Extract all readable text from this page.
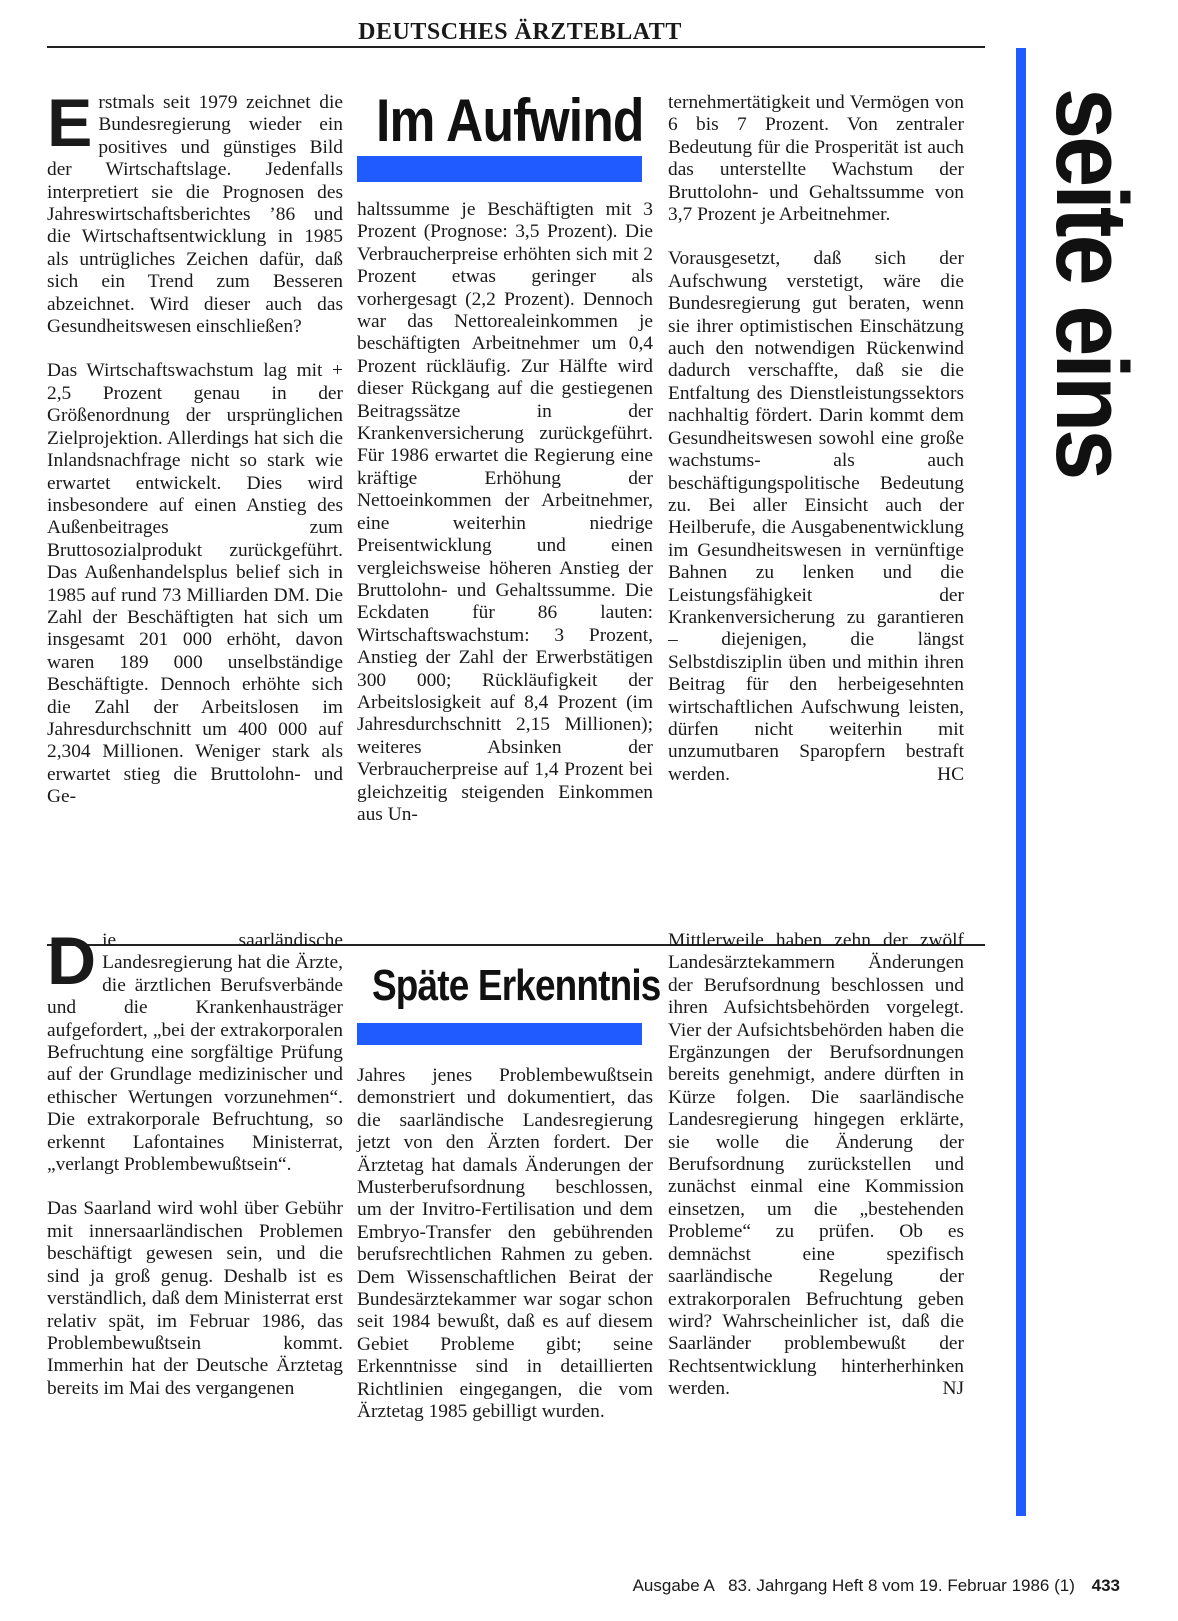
DEUTSCHES ÄRZTEBLATT
seite eins

Erstmals seit 1979 zeichnet die Bundesregierung wieder ein positives und günstiges Bild der Wirtschaftslage. Jedenfalls interpretiert sie die Prognosen des Jahreswirtschaftsberichtes ’86 und die Wirtschaftsentwicklung in 1985 als untrügliches Zeichen dafür, daß sich ein Trend zum Besseren abzeichnet. Wird dieser auch das Gesundheitswesen einschließen?

Das Wirtschaftswachstum lag mit + 2,5 Prozent genau in der Größenordnung der ursprünglichen Zielprojektion. Allerdings hat sich die Inlandsnachfrage nicht so stark wie erwartet entwickelt. Dies wird insbesondere auf einen Anstieg des Außenbeitrages zum Bruttosozialprodukt zurückgeführt. Das Außenhandelsplus belief sich in 1985 auf rund 73 Milliarden DM. Die Zahl der Beschäftigten hat sich um insgesamt 201 000 erhöht, davon waren 189 000 unselbständige Beschäftigte. Dennoch erhöhte sich die Zahl der Arbeitslosen im Jahresdurchschnitt um 400 000 auf 2,304 Millionen. Weniger stark als erwartet stieg die Bruttolohn- und Ge-

Im Aufwind

haltssumme je Beschäftigten mit 3 Prozent (Prognose: 3,5 Prozent). Die Verbraucherpreise erhöhten sich mit 2 Prozent etwas geringer als vorhergesagt (2,2 Prozent). Dennoch war das Nettorealeinkommen je beschäftigten Arbeitnehmer um 0,4 Prozent rückläufig. Zur Hälfte wird dieser Rückgang auf die gestiegenen Beitragssätze in der Krankenversicherung zurückgeführt. Für 1986 erwartet die Regierung eine kräftige Erhöhung der Nettoeinkommen der Arbeitnehmer, eine weiterhin niedrige Preisentwicklung und einen vergleichsweise höheren Anstieg der Bruttolohn- und Gehaltssumme. Die Eckdaten für 86 lauten: Wirtschaftswachstum: 3 Prozent, Anstieg der Zahl der Erwerbstätigen 300 000; Rückläufigkeit der Arbeitslosigkeit auf 8,4 Prozent (im Jahresdurchschnitt 2,15 Millionen); weiteres Absinken der Verbraucherpreise auf 1,4 Prozent bei gleichzeitig steigenden Einkommen aus Un-

ternehmertätigkeit und Vermögen von 6 bis 7 Prozent. Von zentraler Bedeutung für die Prosperität ist auch das unterstellte Wachstum der Bruttolohn- und Gehaltssumme von 3,7 Prozent je Arbeitnehmer.

Vorausgesetzt, daß sich der Aufschwung verstetigt, wäre die Bundesregierung gut beraten, wenn sie ihrer optimistischen Einschätzung auch den notwendigen Rückenwind dadurch verschaffte, daß sie die Entfaltung des Dienstleistungssektors nachhaltig fördert. Darin kommt dem Gesundheitswesen sowohl eine große wachstums- als auch beschäftigungspolitische Bedeutung zu. Bei aller Einsicht auch der Heilberufe, die Ausgabenentwicklung im Gesundheitswesen in vernünftige Bahnen zu lenken und die Leistungsfähigkeit der Krankenversicherung zu garantieren – diejenigen, die längst Selbstdisziplin üben und mithin ihren Beitrag für den herbeigesehnten wirtschaftlichen Aufschwung leisten, dürfen nicht weiterhin mit unzumutbaren Sparopfern bestraft werden.	HC

Die saarländische Landesregierung hat die Ärzte, die ärztlichen Berufsverbände und die Krankenhausträger aufgefordert, „bei der extrakorporalen Befruchtung eine sorgfältige Prüfung auf der Grundlage medizinischer und ethischer Wertungen vorzunehmen“. Die extrakorporale Befruchtung, so erkennt Lafontaines Ministerrat, „verlangt Problembewußtsein“.

Das Saarland wird wohl über Gebühr mit innersaarländischen Problemen beschäftigt gewesen sein, und die sind ja groß genug. Deshalb ist es verständlich, daß dem Ministerrat erst relativ spät, im Februar 1986, das Problembewußtsein kommt. Immerhin hat der Deutsche Ärztetag bereits im Mai des vergangenen

Späte Erkenntnis

Jahres jenes Problembewußtsein demonstriert und dokumentiert, das die saarländische Landesregierung jetzt von den Ärzten fordert. Der Ärztetag hat damals Änderungen der Musterberufsordnung beschlossen, um der Invitro-Fertilisation und dem Embryo-Transfer den gebührenden berufsrechtlichen Rahmen zu geben. Dem Wissenschaftlichen Beirat der Bundesärztekammer war sogar schon seit 1984 bewußt, daß es auf diesem Gebiet Probleme gibt; seine Erkenntnisse sind in detaillierten Richtlinien eingegangen, die vom Ärztetag 1985 gebilligt wurden.

Mittlerweile haben zehn der zwölf Landesärztekammern Änderungen der Berufsordnung beschlossen und ihren Aufsichtsbehörden vorgelegt. Vier der Aufsichtsbehörden haben die Ergänzungen der Berufsordnungen bereits genehmigt, andere dürften in Kürze folgen. Die saarländische Landesregierung hingegen erklärte, sie wolle die Änderung der Berufsordnung zurückstellen und zunächst einmal eine Kommission einsetzen, um die „bestehenden Probleme“ zu prüfen. Ob es demnächst eine spezifisch saarländische Regelung der extrakorporalen Befruchtung geben wird? Wahrscheinlicher ist, daß die Saarländer problembewußt der Rechtsentwicklung hinterherhinken werden.	NJ

Ausgabe A 83. Jahrgang Heft 8 vom 19. Februar 1986 (1) 433
